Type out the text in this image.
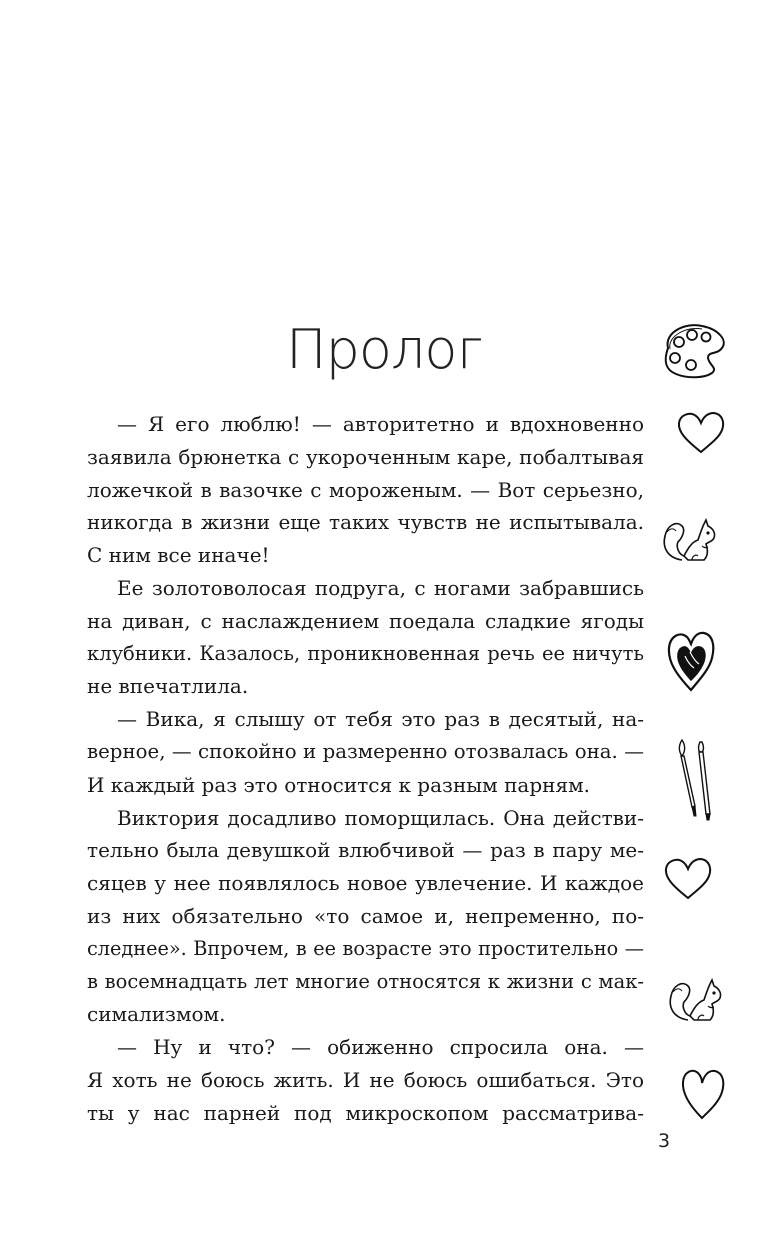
Пролог
— Я его люблю! — авторитетно и вдохновенно
заявила брюнетка с укороченным каре, побалтывая
ложечкой в вазочке с мороженым. — Вот серьезно,
никогда в жизни еще таких чувств не испытывала.
С ним все иначе!
Ее золотоволосая подруга, с ногами забравшись
на диван, с наслаждением поедала сладкие ягоды
клубники. Казалось, проникновенная речь ее ничуть
не впечатлила.
— Вика, я слышу от тебя это раз в десятый, на-
верное, — спокойно и размеренно отозвалась она. —
И каждый раз это относится к разным парням.
Виктория досадливо поморщилась. Она действи-
тельно была девушкой влюбчивой — раз в пару ме-
сяцев у нее появлялось новое увлечение. И каждое
из них обязательно «то самое и, непременно, по-
следнее». Впрочем, в ее возрасте это простительно —
в восемнадцать лет многие относятся к жизни с мак-
симализмом.
— Ну и что? — обиженно спросила она. —
Я хоть не боюсь жить. И не боюсь ошибаться. Это
ты у нас парней под микроскопом рассматрива-
3
